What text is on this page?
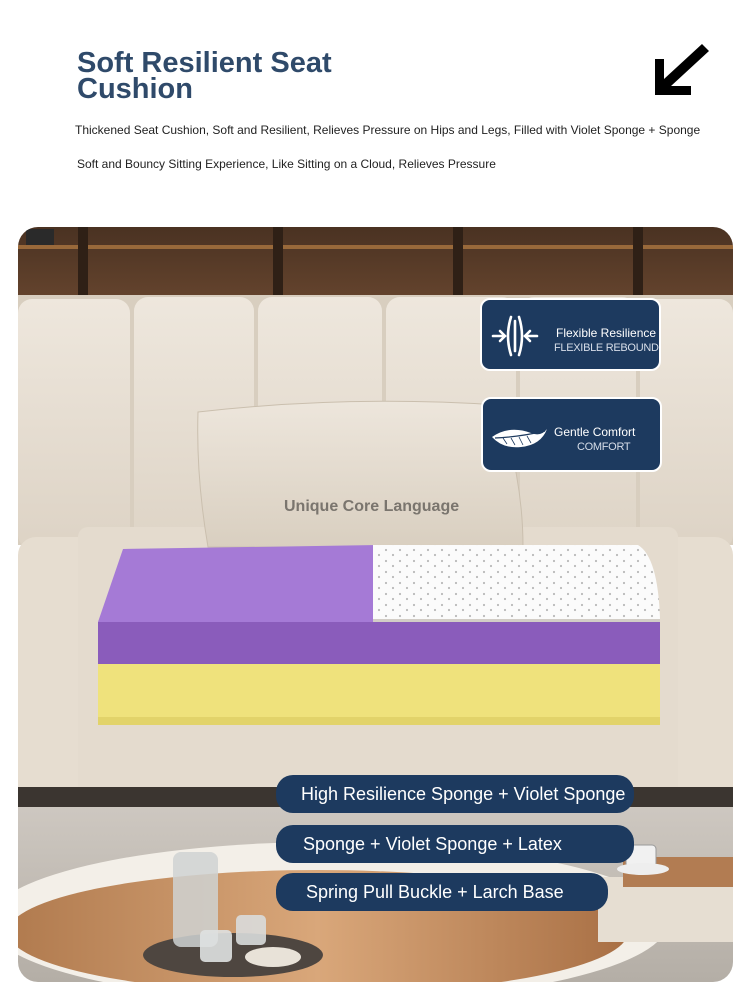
Soft Resilient Seat
Cushion
Thickened Seat Cushion, Soft and Resilient, Relieves Pressure on Hips and Legs, Filled with Violet Sponge + Sponge
Soft and Bouncy Sitting Experience, Like Sitting on a Cloud, Relieves Pressure
FLEXIBLE REBOUND
Flexible Resilience
Gentle Comfort
COMFORT
Unique Core Language
High Resilience Sponge + Violet Sponge
Sponge + Violet Sponge + Latex
Spring Pull Buckle + Larch Base
